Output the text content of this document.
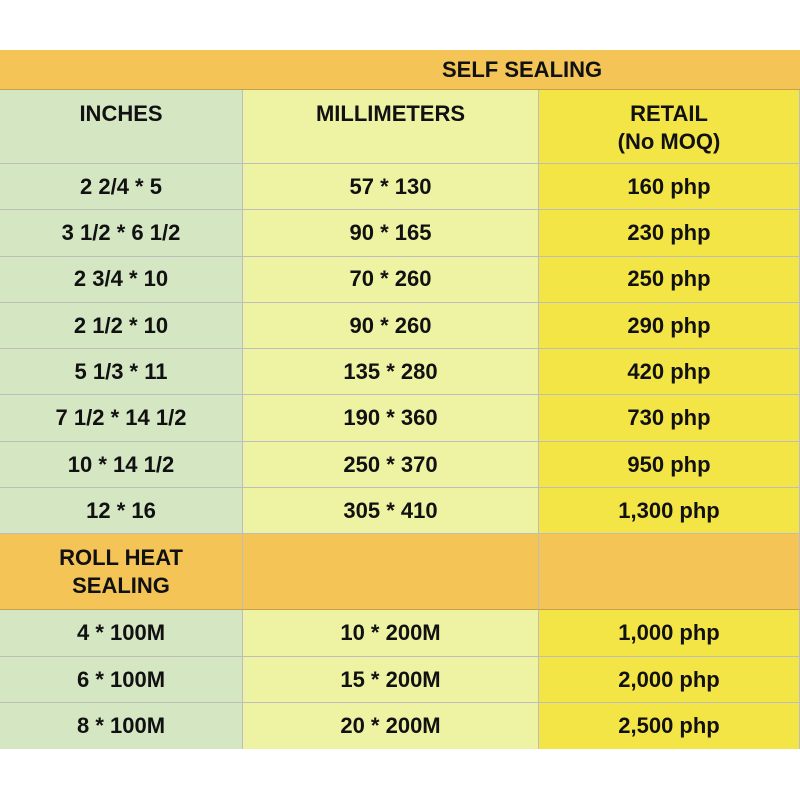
SELF SEALING
INCHES	MILLIMETERS	RETAIL
(No MOQ)
2 2/4 * 5	57 * 130	160 php
3 1/2 * 6 1/2	90 * 165	230 php
2 3/4 * 10	70 * 260	250 php
2 1/2 * 10	90 * 260	290 php
5 1/3 * 11	135 * 280	420 php
7 1/2 * 14 1/2	190 * 360	730 php
10 * 14 1/2	250 * 370	950 php
12 * 16	305 * 410	1,300 php
ROLL HEAT
SEALING
4 * 100M	10 * 200M	1,000 php
6 * 100M	15 * 200M	2,000 php
8 * 100M	20 * 200M	2,500 php
